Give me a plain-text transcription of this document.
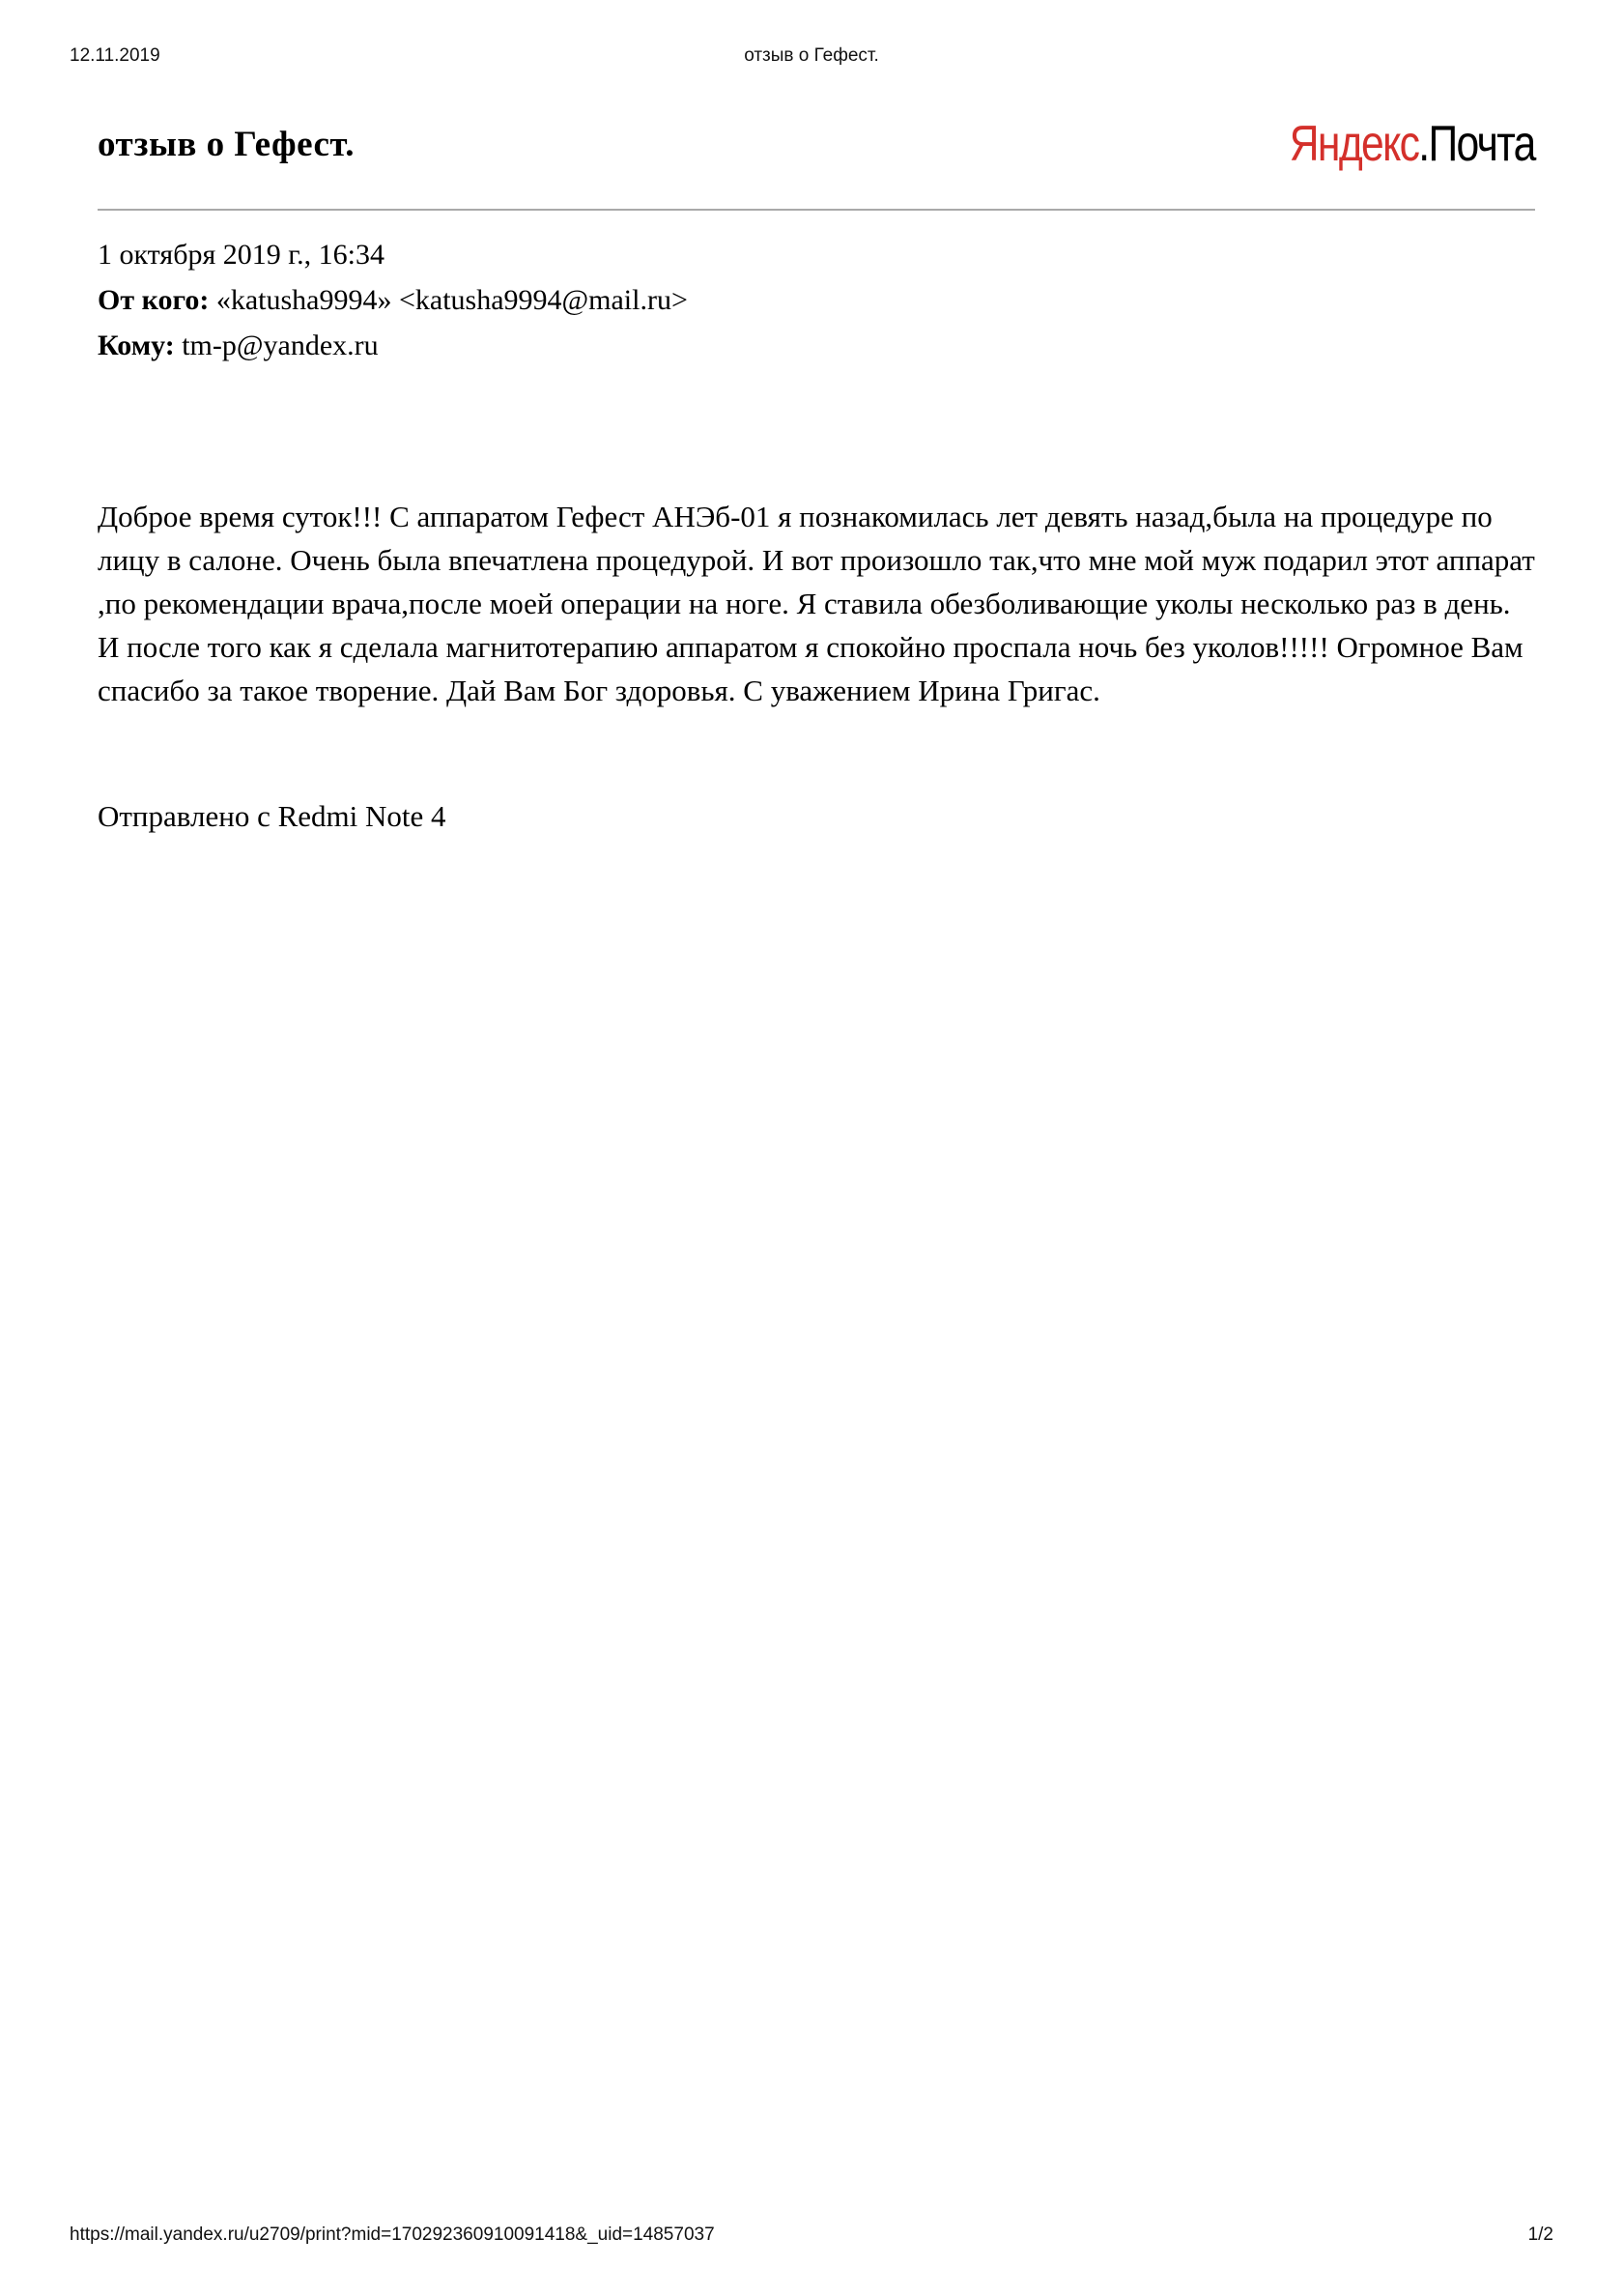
12.11.2019	отзыв о Гефест.
отзыв о Гефест.	Яндекс.Почта
1 октября 2019 г., 16:34
От кого: «katusha9994» <katusha9994@mail.ru>
Кому: tm-p@yandex.ru

Доброе время суток!!! С аппаратом Гефест АНЭб-01 я познакомилась лет девять назад,была на процедуре по лицу в салоне. Очень была впечатлена процедурой. И вот произошло так,что мне мой муж подарил этот аппарат ,по рекомендации врача,после моей операции на ноге. Я ставила обезболивающие уколы несколько раз в день. И после того как я сделала магнитотерапию аппаратом я спокойно проспала ночь без уколов!!!!! Огромное Вам спасибо за такое творение. Дай Вам Бог здоровья. С уважением Ирина Григас.

Отправлено с Redmi Note 4

https://mail.yandex.ru/u2709/print?mid=170292360910091418&_uid=14857037	1/2
